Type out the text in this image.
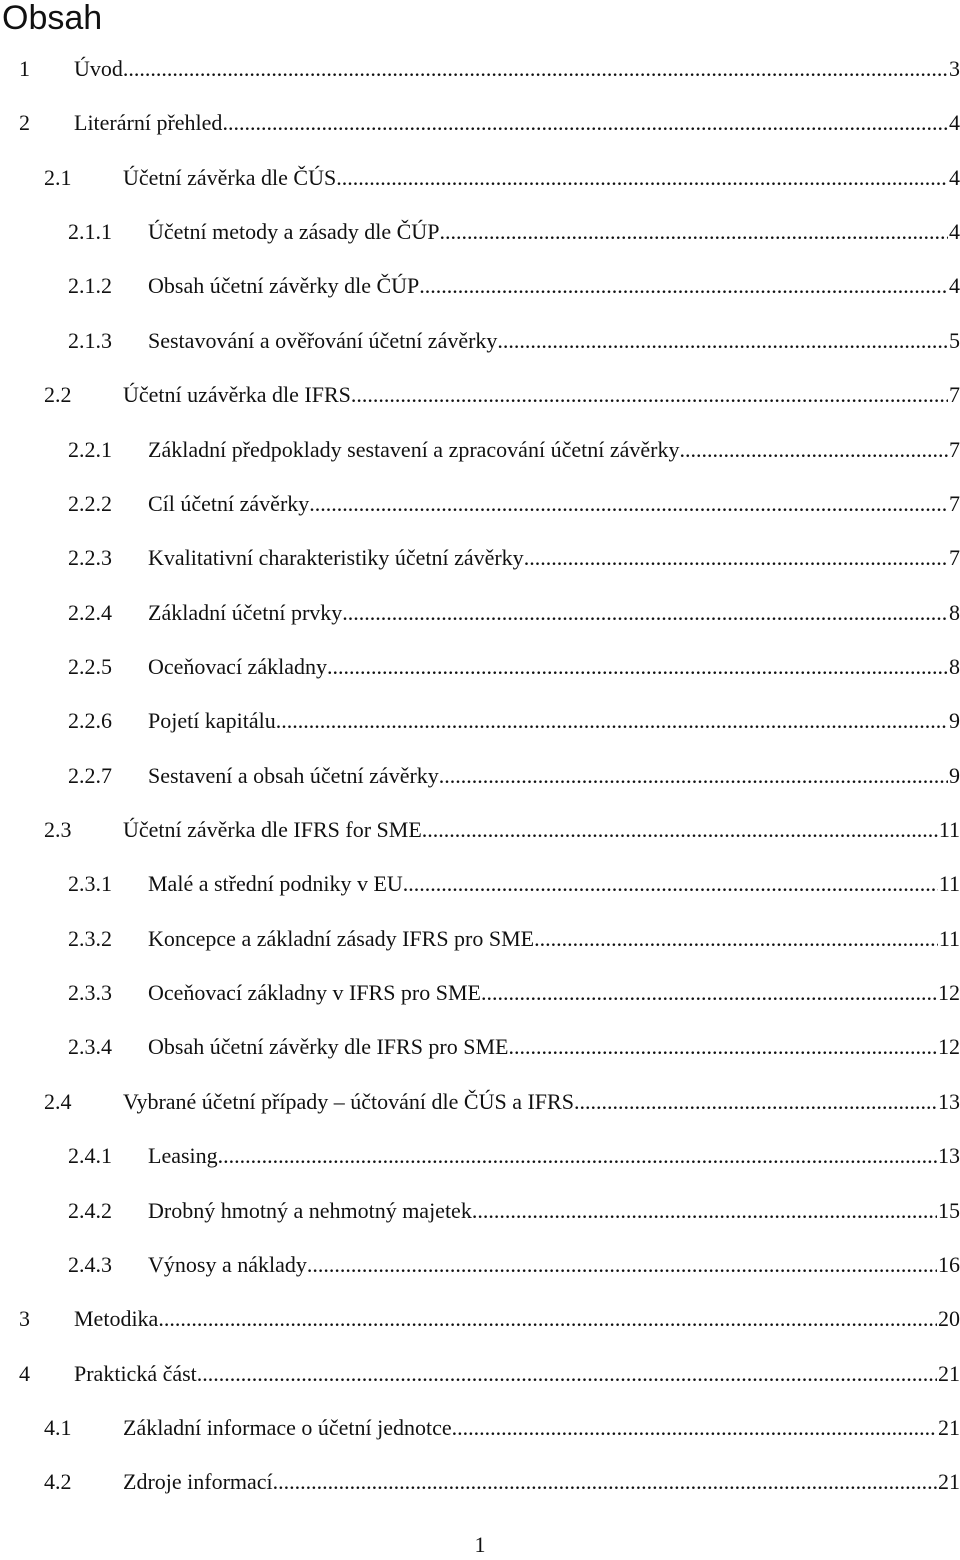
Obsah
1 Úvod .....	3
2 Literární přehled .....	4
2.1 Účetní závěrka dle ČÚS .....	4
2.1.1 Účetní metody a zásady dle ČÚP .....	4
2.1.2 Obsah účetní závěrky dle ČÚP .....	4
2.1.3 Sestavování a ověřování účetní závěrky .....	5
2.2 Účetní uzávěrka dle IFRS .....	7
2.2.1 Základní předpoklady sestavení a zpracování účetní závěrky .....	7
2.2.2 Cíl účetní závěrky .....	7
2.2.3 Kvalitativní charakteristiky účetní závěrky .....	7
2.2.4 Základní účetní prvky .....	8
2.2.5 Oceňovací základny .....	8
2.2.6 Pojetí kapitálu .....	9
2.2.7 Sestavení a obsah účetní závěrky .....	9
2.3 Účetní závěrka dle IFRS for SME .....	11
2.3.1 Malé a střední podniky v EU .....	11
2.3.2 Koncepce a základní zásady IFRS pro SME .....	11
2.3.3 Oceňovací základny v IFRS pro SME .....	12
2.3.4 Obsah účetní závěrky dle IFRS pro SME .....	12
2.4 Vybrané účetní případy – účtování dle ČÚS a IFRS .....	13
2.4.1 Leasing .....	13
2.4.2 Drobný hmotný a nehmotný majetek .....	15
2.4.3 Výnosy a náklady .....	16
3 Metodika .....	20
4 Praktická část .....	21
4.1 Základní informace o účetní jednotce .....	21
4.2 Zdroje informací .....	21
1
